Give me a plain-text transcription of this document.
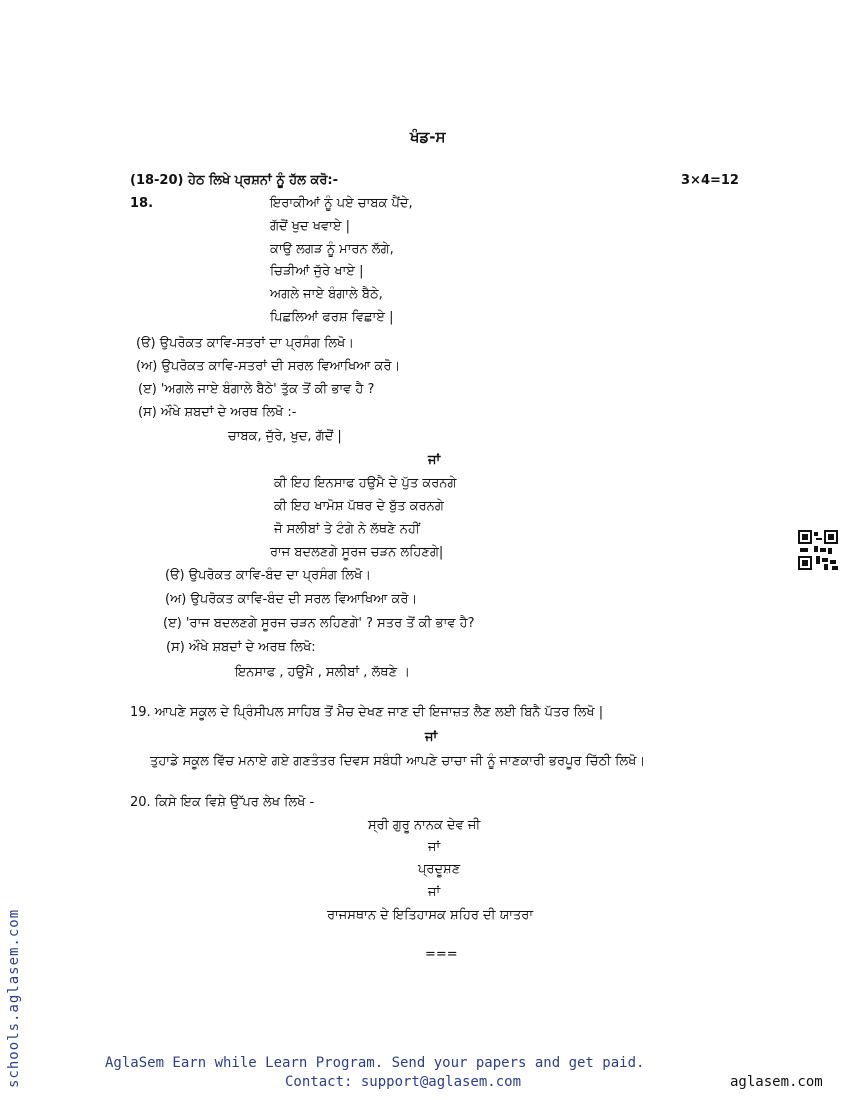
ਖੰਡ-ਸ
(18-20) ਹੇਠ ਲਿਖੇ ਪ੍ਰਸ਼ਨਾਂ ਨੂੰ ਹੱਲ ਕਰੋ:-	3×4=12
18.	ਇਰਾਕੀਆਂ ਨੂੰ ਪਏ ਚਾਬਕ ਪੈਂਦੇ,
ਗੱਦੋਂ ਖੁਦ ਖਵਾਏ |
ਕਾਉ ਲਗੜ ਨੂੰ ਮਾਰਨ ਲੱਗੇ,
ਚਿੜੀਆਂ ਜੁੱਰੇ ਖਾਏ |
ਅਗਲੇ ਜਾਏ ਬੰਗਾਲੇ ਬੈਠੇ,
ਪਿਛਲਿਆਂ ਫਰਸ਼ ਵਿਛਾਏ |
(ੳ) ਉਪਰੋਕਤ ਕਾਵਿ-ਸਤਰਾਂ ਦਾ ਪ੍ਰਸੰਗ ਲਿਖੋ।
(ਅ) ਉਪਰੋਕਤ ਕਾਵਿ-ਸਤਰਾਂ ਦੀ ਸਰਲ ਵਿਆਖਿਆ ਕਰੋ।
(ੲ) 'ਅਗਲੇ ਜਾਏ ਬੰਗਾਲੇ ਬੈਠੇ' ਤੁੱਕ ਤੋਂ ਕੀ ਭਾਵ ਹੈ ?
(ਸ) ਔਖੇ ਸ਼ਬਦਾਂ ਦੇ ਅਰਥ ਲਿਖੋ :-
ਚਾਬਕ, ਜੁੱਰੇ, ਖੁਦ, ਗੱਦੋਂ |
ਜਾਂ
ਕੀ ਇਹ ਇਨਸਾਫ ਹਉਮੈ ਦੇ ਪੁੱਤ ਕਰਨਗੇ
ਕੀ ਇਹ ਖਾਮੋਸ਼ ਪੱਥਰ ਦੇ ਬੁੱਤ ਕਰਨਗੇ
ਜੋ ਸਲੀਬਾਂ ਤੇ ਟੰਗੇ ਨੇ ਲੱਥਣੇ ਨਹੀਂ
ਰਾਜ ਬਦਲਣਗੇ ਸੂਰਜ ਚੜਨ ਲਹਿਣਗੇ|
(ੳ) ਉਪਰੋਕਤ ਕਾਵਿ-ਬੰਦ ਦਾ ਪ੍ਰਸੰਗ ਲਿਖੋ।
(ਅ) ਉਪਰੋਕਤ ਕਾਵਿ-ਬੰਦ ਦੀ ਸਰਲ ਵਿਆਖਿਆ ਕਰੋ।
(ੲ) 'ਰਾਜ ਬਦਲਣਗੇ ਸੂਰਜ ਚੜਨ ਲਹਿਣਗੇ' ? ਸਤਰ ਤੋਂ ਕੀ ਭਾਵ ਹੈ?
(ਸ) ਔਖੇ ਸ਼ਬਦਾਂ ਦੇ ਅਰਥ ਲਿਖੋ:
ਇਨਸਾਫ , ਹਉਮੈ , ਸਲੀਬਾਂ , ਲੱਥਣੇ ।
19. ਆਪਣੇ ਸਕੂਲ ਦੇ ਪ੍ਰਿੰਸੀਪਲ ਸਾਹਿਬ ਤੋਂ ਮੈਚ ਦੇਖਣ ਜਾਣ ਦੀ ਇਜਾਜ਼ਤ ਲੈਣ ਲਈ ਬਿਨੈ ਪੱਤਰ ਲਿਖੋ |
ਜਾਂ
ਤੁਹਾਡੇ ਸਕੂਲ ਵਿੱਚ ਮਨਾਏ ਗਏ ਗਣਤੰਤਰ ਦਿਵਸ ਸਬੰਧੀ ਆਪਣੇ ਚਾਚਾ ਜੀ ਨੂੰ ਜਾਣਕਾਰੀ ਭਰਪੂਰ ਚਿੱਠੀ ਲਿਖੋ।
20. ਕਿਸੇ ਇਕ ਵਿਸ਼ੇ ਉੱਪਰ ਲੇਖ ਲਿਖੋ -
ਸ੍ਰੀ ਗੁਰੂ ਨਾਨਕ ਦੇਵ ਜੀ
ਜਾਂ
ਪ੍ਰਦੂਸ਼ਣ
ਜਾਂ
ਰਾਜਸਥਾਨ ਦੇ ਇਤਿਹਾਸਕ ਸ਼ਹਿਰ ਦੀ ਯਾਤਰਾ
===
schools.aglasem.com	AglaSem Earn while Learn Program. Send your papers and get paid.
Contact: support@aglasem.com	aglasem.com
